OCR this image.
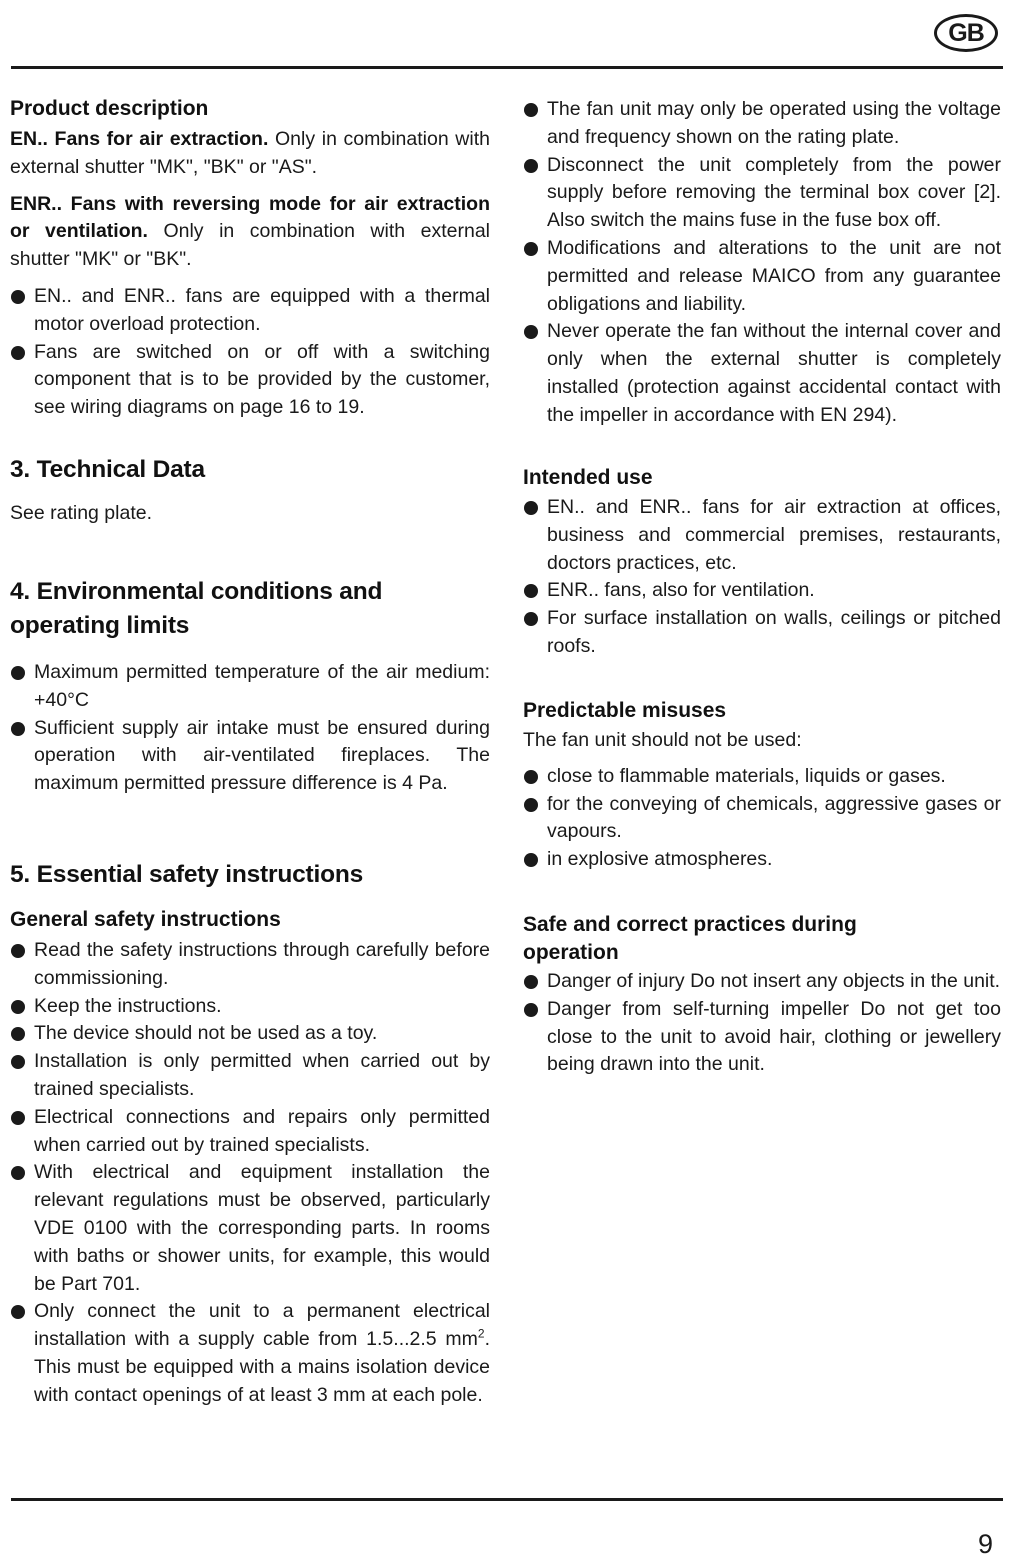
GB
Product description

EN.. Fans for air extraction. Only in combination with external shutter "MK", "BK" or "AS".

ENR.. Fans with reversing mode for air extraction or ventilation. Only in combination with external shutter "MK" or "BK".

EN.. and ENR.. fans are equipped with a thermal motor overload protection.
Fans are switched on or off with a switching component that is to be provided by the customer, see wiring diagrams on page 16 to 19.
3. Technical Data

See rating plate.

4. Environmental conditions and operating limits
Maximum permitted temperature of the air medium: +40°C
Sufficient supply air intake must be ensured during operation with air-ventilated fireplaces. The maximum permitted pressure difference is 4 Pa.
5. Essential safety instructions
General safety instructions
Read the safety instructions through carefully before commissioning.
Keep the instructions.
The device should not be used as a toy.
Installation is only permitted when carried out by trained specialists.
Electrical connections and repairs only permitted when carried out by trained specialists.
With electrical and equipment installation the relevant regulations must be observed, particularly VDE 0100 with the corresponding parts. In rooms with baths or shower units, for example, this would be Part 701.
Only connect the unit to a permanent electrical installation with a supply cable from 1.5...2.5 $mm^2$. This must be equipped with a mains isolation device with contact openings of at least 3 mm at each pole.
The fan unit may only be operated using the voltage and frequency shown on the rating plate.
Disconnect the unit completely from the power supply before removing the terminal box cover [2]. Also switch the mains fuse in the fuse box off.
Modifications and alterations to the unit are not permitted and release MAICO from any guarantee obligations and liability.
Never operate the fan without the internal cover and only when the external shutter is completely installed (protection against accidental contact with the impeller in accordance with EN 294).
Intended use
EN.. and ENR.. fans for air extraction at offices, business and commercial premises, restaurants, doctors practices, etc.
ENR.. fans, also for ventilation.
For surface installation on walls, ceilings or pitched roofs.
Predictable misuses

The fan unit should not be used:

close to flammable materials, liquids or gases.
for the conveying of chemicals, aggressive gases or vapours.
in explosive atmospheres.
Safe and correct practices during operation
Danger of injury Do not insert any objects in the unit.
Danger from self-turning impeller Do not get too close to the unit to avoid hair, clothing or jewellery being drawn into the unit.
9
